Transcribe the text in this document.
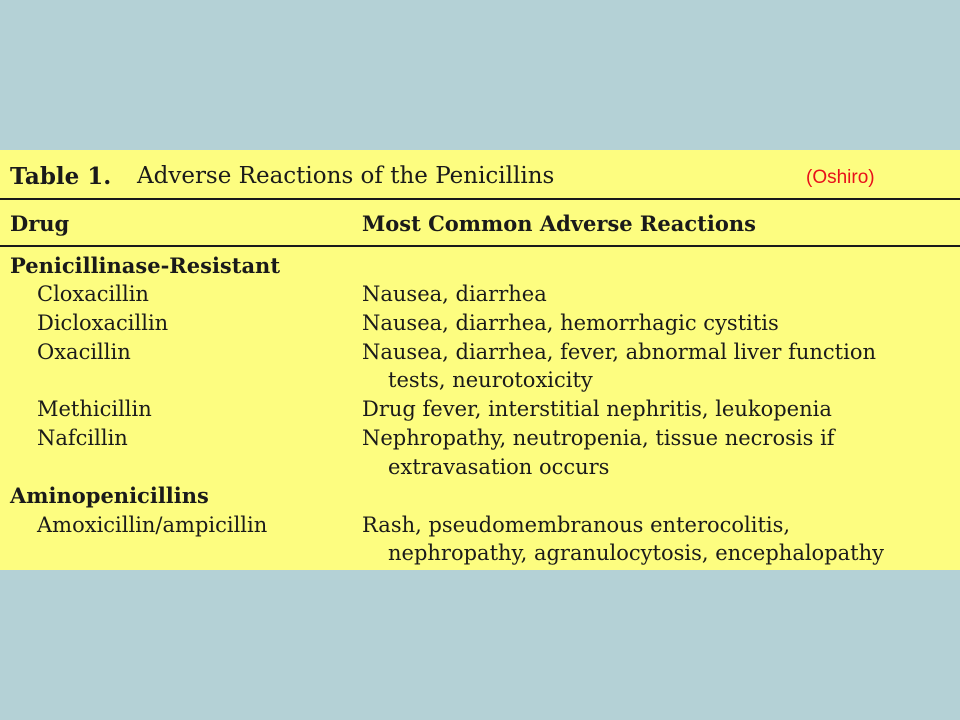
Table 1. Adverse Reactions of the Penicillins	(Oshiro)
Drug	Most Common Adverse Reactions
Penicillinase-Resistant
Cloxacillin	Nausea, diarrhea
Dicloxacillin	Nausea, diarrhea, hemorrhagic cystitis
Oxacillin	Nausea, diarrhea, fever, abnormal liver function
tests, neurotoxicity
Methicillin	Drug fever, interstitial nephritis, leukopenia
Nafcillin	Nephropathy, neutropenia, tissue necrosis if
extravasation occurs
Aminopenicillins
Amoxicillin/ampicillin	Rash, pseudomembranous enterocolitis,
nephropathy, agranulocytosis, encephalopathy
